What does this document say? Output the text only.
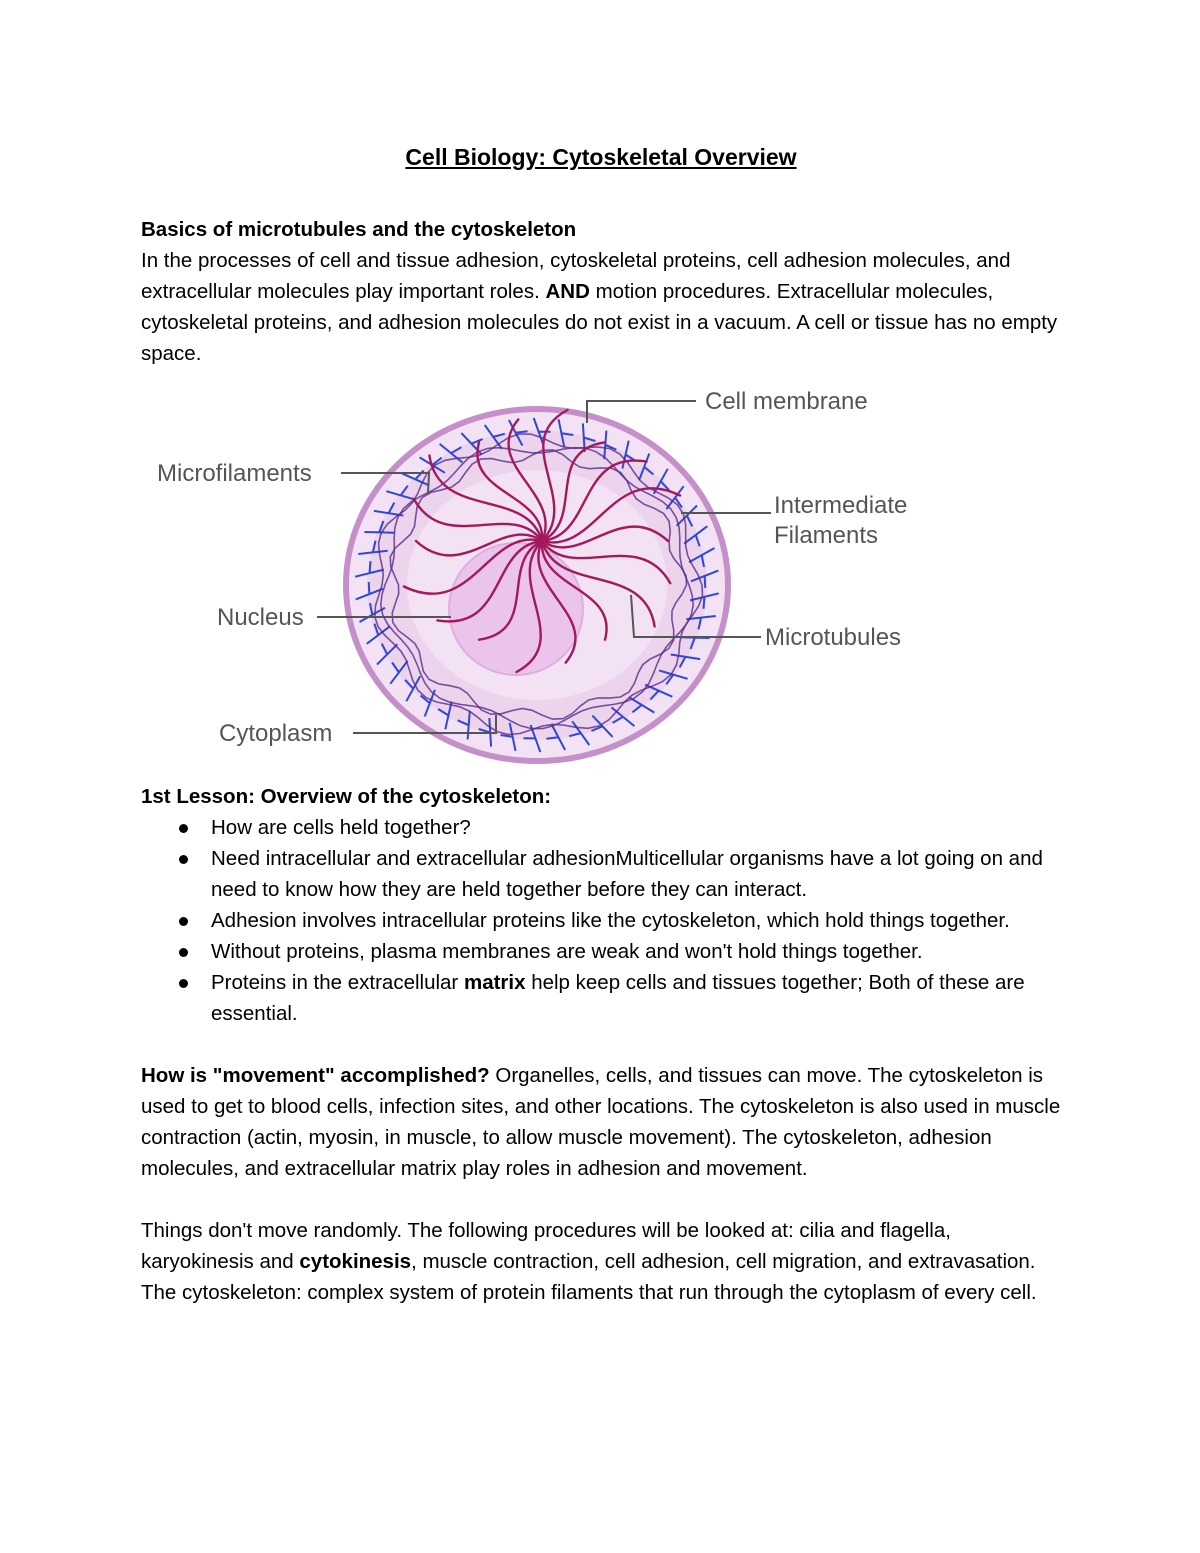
Cell Biology: Cytoskeletal Overview

Basics of microtubules and the cytoskeleton

In the processes of cell and tissue adhesion, cytoskeletal proteins, cell adhesion molecules, and extracellular molecules play important roles. AND motion procedures. Extracellular molecules, cytoskeletal proteins, and adhesion molecules do not exist in a vacuum. A cell or tissue has no empty space.

Cell membrane
Microfilaments
Intermediate
Filaments
Nucleus
Microtubules
Cytoplasm

1st Lesson: Overview of the cytoskeleton:

How are cells held together?
Need intracellular and extracellular adhesionMulticellular organisms have a lot going on and need to know how they are held together before they can interact.
Adhesion involves intracellular proteins like the cytoskeleton, which hold things together.
Without proteins, plasma membranes are weak and won't hold things together.
Proteins in the extracellular matrix help keep cells and tissues together; Both of these are essential.

How is "movement" accomplished? Organelles, cells, and tissues can move. The cytoskeleton is used to get to blood cells, infection sites, and other locations. The cytoskeleton is also used in muscle contraction (actin, myosin, in muscle, to allow muscle movement). The cytoskeleton, adhesion molecules, and extracellular matrix play roles in adhesion and movement.

Things don't move randomly. The following procedures will be looked at: cilia and flagella, karyokinesis and cytokinesis, muscle contraction, cell adhesion, cell migration, and extravasation. The cytoskeleton: complex system of protein filaments that run through the cytoplasm of every cell.
